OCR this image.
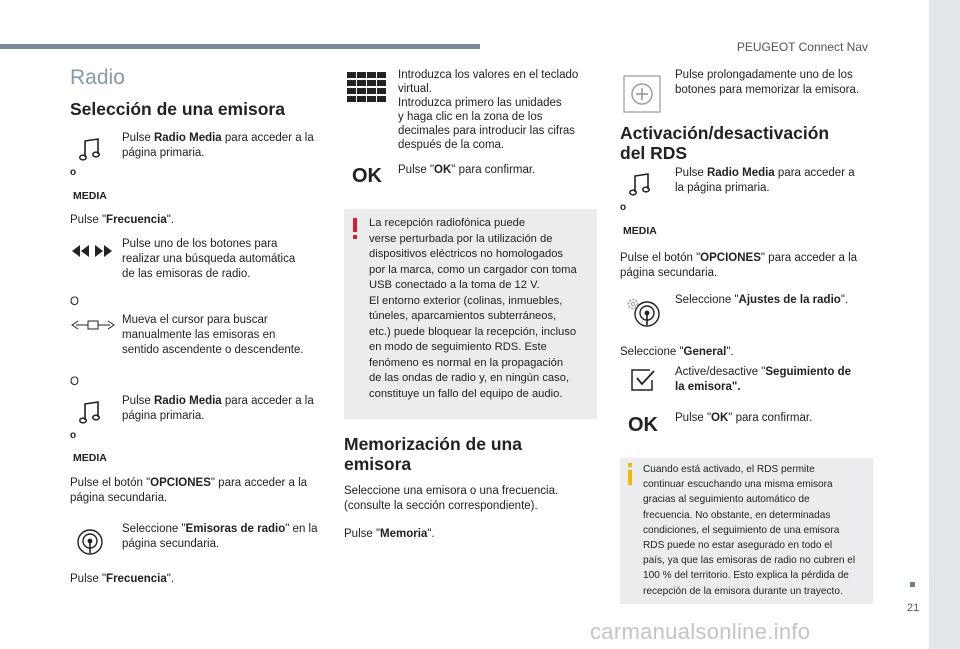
PEUGEOT Connect Nav
21
carmanualsonline.info
Radio
Selección de una emisora
Pulse Radio Media para acceder a la página primaria.
o
MEDIA
Pulse "Frecuencia".
Pulse uno de los botones para realizar una búsqueda automática de las emisoras de radio.
O
Mueva el cursor para buscar manualmente las emisoras en sentido ascendente o descendente.
O
Pulse Radio Media para acceder a la página primaria.
o
MEDIA
Pulse el botón "OPCIONES" para acceder a la página secundaria.
Seleccione "Emisoras de radio" en la página secundaria.
Pulse "Frecuencia".
Introduzca los valores en el teclado
virtual.
Introduzca primero las unidades
y haga clic en la zona de los
decimales para introducir las cifras
después de la coma.
OK Pulse "OK" para confirmar.
La recepción radiofónica puede
verse perturbada por la utilización de
dispositivos eléctricos no homologados
por la marca, como un cargador con toma
USB conectado a la toma de 12 V.
El entorno exterior (colinas, inmuebles,
túneles, aparcamientos subterráneos,
etc.) puede bloquear la recepción, incluso
en modo de seguimiento RDS. Este
fenómeno es normal en la propagación
de las ondas de radio y, en ningún caso,
constituye un fallo del equipo de audio.
Memorización de una
emisora
Seleccione una emisora o una frecuencia.
(consulte la sección correspondiente).
Pulse "Memoria".
Pulse prolongadamente uno de los
botones para memorizar la emisora.
Activación/desactivación
del RDS
Pulse Radio Media para acceder a
la página primaria.
o
MEDIA
Pulse el botón "OPCIONES" para acceder a la
página secundaria.
Seleccione "Ajustes de la radio".
Seleccione "General".
Active/desactive "Seguimiento de
la emisora".
OK Pulse "OK" para confirmar.
Cuando está activado, el RDS permite
continuar escuchando una misma emisora
gracias al seguimiento automático de
frecuencia. No obstante, en determinadas
condiciones, el seguimiento de una emisora
RDS puede no estar asegurado en todo el
país, ya que las emisoras de radio no cubren el
100 % del territorio. Esto explica la pérdida de
recepción de la emisora durante un trayecto.
